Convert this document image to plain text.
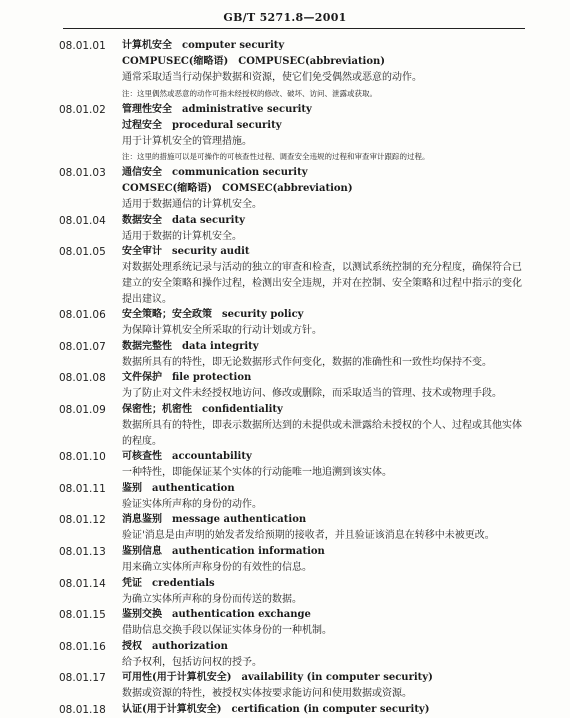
GB/T 5271.8—2001
08.01.01	计算机安全　computer security
COMPUSEC(缩略语)　COMPUSEC(abbreviation)
通常采取适当行动保护数据和资源，使它们免受偶然或恶意的动作。
注：这里偶然或恶意的动作可指未经授权的修改、破坏、访问、泄露或获取。
08.01.02	管理性安全　administrative security
过程安全　procedural security
用于计算机安全的管理措施。
注：这里的措施可以是可操作的可核查性过程、调查安全违规的过程和审查审计跟踪的过程。
08.01.03	通信安全　communication security
COMSEC(缩略语)　COMSEC(abbreviation)
适用于数据通信的计算机安全。
08.01.04	数据安全　data security
适用于数据的计算机安全。
08.01.05	安全审计　security audit
对数据处理系统记录与活动的独立的审查和检查，以测试系统控制的充分程度，确保符合已建立的安全策略和操作过程，检测出安全违规，并对在控制、安全策略和过程中指示的变化提出建议。
08.01.06	安全策略；安全政策　security policy
为保障计算机安全所采取的行动计划或方针。
08.01.07	数据完整性　data integrity
数据所具有的特性，即无论数据形式作何变化，数据的准确性和一致性均保持不变。
08.01.08	文件保护　file protection
为了防止对文件未经授权地访问、修改或删除，而采取适当的管理、技术或物理手段。
08.01.09	保密性；机密性　confidentiality
数据所具有的特性，即表示数据所达到的未提供或未泄露给未授权的个人、过程或其他实体的程度。
08.01.10	可核查性　accountability
一种特性，即能保证某个实体的行动能唯一地追溯到该实体。
08.01.11	鉴别　authentication
验证实体所声称的身份的动作。
08.01.12	消息鉴别　message authentication
验证'消息是由声明的始发者发给预期的接收者，并且验证该消息在转移中未被更改。
08.01.13	鉴别信息　authentication information
用来确立实体所声称身份的有效性的信息。
08.01.14	凭证　credentials
为确立实体所声称的身份而传送的数据。
08.01.15	鉴别交换　authentication exchange
借助信息交换手段以保证实体身份的一种机制。
08.01.16	授权　authorization
给予权利，包括访问权的授予。
08.01.17	可用性(用于计算机安全)　availability (in computer security)
数据或资源的特性，被授权实体按要求能访问和使用数据或资源。
08.01.18	认证(用于计算机安全)　certification (in computer security)
